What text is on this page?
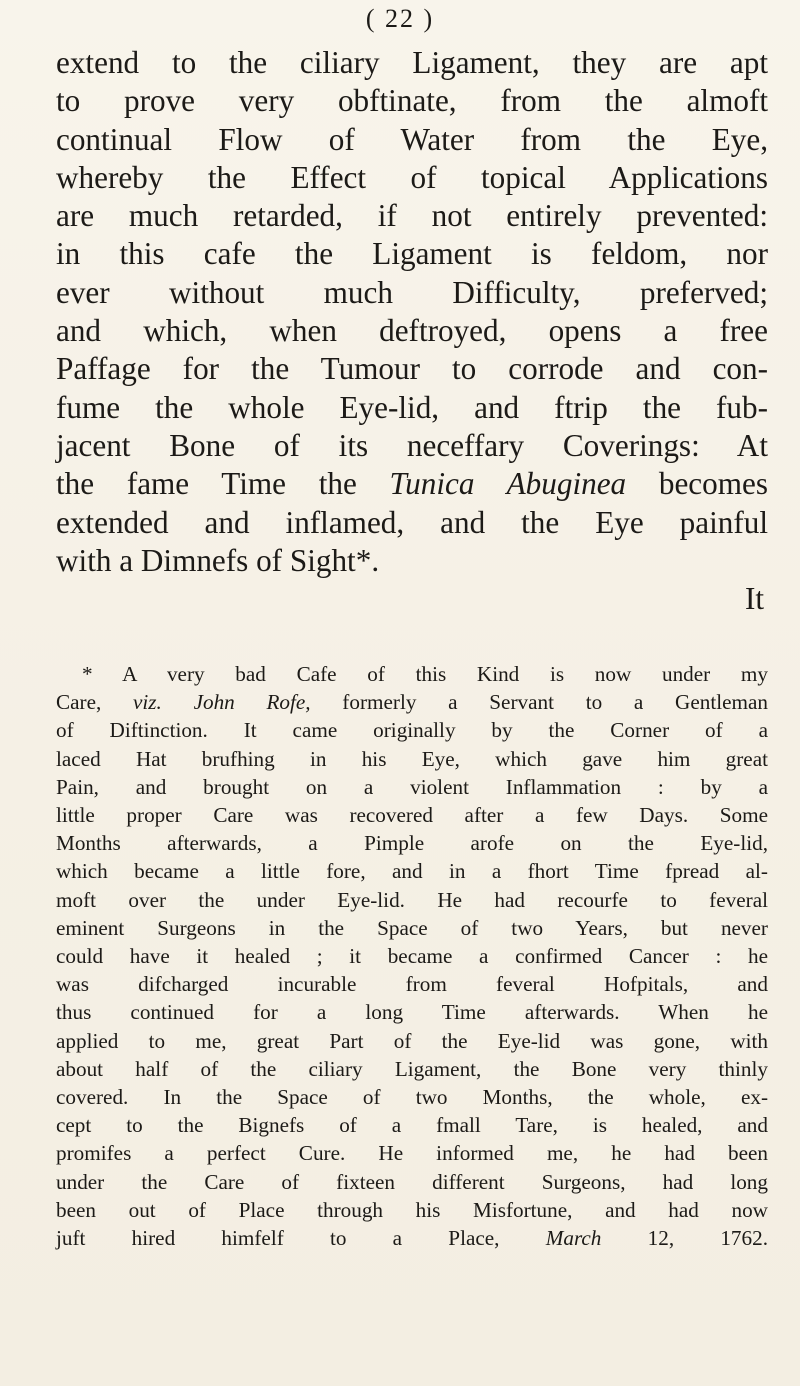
( 22 )
extend to the ciliary Ligament, they are apt
to prove very obftinate, from the almoft
continual Flow of Water from the Eye,
whereby the Effect of topical Applications
are much retarded, if not entirely prevented:
in this cafe the Ligament is feldom, nor
ever without much Difficulty, preferved;
and which, when deftroyed, opens a free
Paffage for the Tumour to corrode and con-
fume the whole Eye-lid, and ftrip the fub-
jacent Bone of its neceffary Coverings: At
the fame Time the Tunica Abuginea becomes
extended and inflamed, and the Eye painful
with a Dimnefs of Sight*.
It
* A very bad Cafe of this Kind is now under my
Care, viz. John Rofe, formerly a Servant to a Gentleman
of Diftinction. It came originally by the Corner of a
laced Hat brufhing in his Eye, which gave him great
Pain, and brought on a violent Inflammation : by a
little proper Care was recovered after a few Days. Some
Months afterwards, a Pimple arofe on the Eye-lid,
which became a little fore, and in a fhort Time fpread al-
moft over the under Eye-lid. He had recourfe to feveral
eminent Surgeons in the Space of two Years, but never
could have it healed ; it became a confirmed Cancer : he
was difcharged incurable from feveral Hofpitals, and
thus continued for a long Time afterwards. When he
applied to me, great Part of the Eye-lid was gone, with
about half of the ciliary Ligament, the Bone very thinly
covered. In the Space of two Months, the whole, ex-
cept to the Bignefs of a fmall Tare, is healed, and
promifes a perfect Cure. He informed me, he had been
under the Care of fixteen different Surgeons, had long
been out of Place through his Misfortune, and had now
juft hired himfelf to a Place, March 12, 1762.
